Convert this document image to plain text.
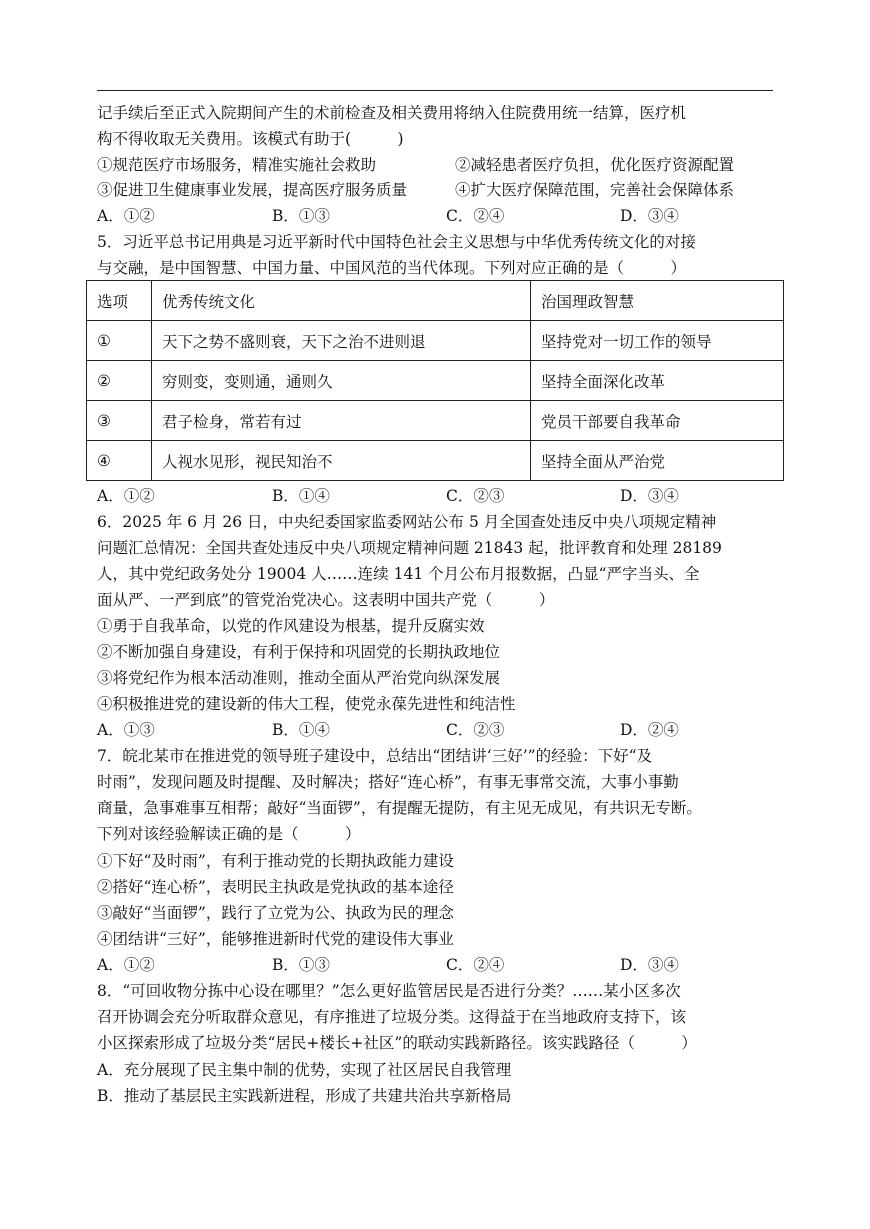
记手续后至正式入院期间产生的术前检查及相关费用将纳入住院费用统一结算，医疗机
构不得收取无关费用。该模式有助于(　　　)
①规范医疗市场服务，精准实施社会救助	②减轻患者医疗负担，优化医疗资源配置
③促进卫生健康事业发展，提高医疗服务质量	④扩大医疗保障范围，完善社会保障体系
A．①②	B．①③	C．②④	D．③④
5．习近平总书记用典是习近平新时代中国特色社会主义思想与中华优秀传统文化的对接
与交融，是中国智慧、中国力量、中国风范的当代体现。下列对应正确的是（　　　）
选项	优秀传统文化	治国理政智慧
①	天下之势不盛则衰，天下之治不进则退	坚持党对一切工作的领导
②	穷则变，变则通，通则久	坚持全面深化改革
③	君子检身，常若有过	党员干部要自我革命
④	人视水见形，视民知治不	坚持全面从严治党
A．①②	B．①④	C．②③	D．③④
6．2025 年 6 月 26 日，中央纪委国家监委网站公布 5 月全国查处违反中央八项规定精神
问题汇总情况：全国共查处违反中央八项规定精神问题 21843 起，批评教育和处理 28189
人，其中党纪政务处分 19004 人……连续 141 个月公布月报数据，凸显“严字当头、全
面从严、一严到底”的管党治党决心。这表明中国共产党（　　　）
①勇于自我革命，以党的作风建设为根基，提升反腐实效
②不断加强自身建设，有利于保持和巩固党的长期执政地位
③将党纪作为根本活动准则，推动全面从严治党向纵深发展
④积极推进党的建设新的伟大工程，使党永葆先进性和纯洁性
A．①③	B．①④	C．②③	D．②④
7．皖北某市在推进党的领导班子建设中，总结出“团结讲‘三好’”的经验：下好“及
时雨”，发现问题及时提醒、及时解决；搭好“连心桥”，有事无事常交流，大事小事勤
商量，急事难事互相帮；敲好“当面锣”，有提醒无提防，有主见无成见，有共识无专断。
下列对该经验解读正确的是（　　　）
①下好“及时雨”，有利于推动党的长期执政能力建设
②搭好“连心桥”，表明民主执政是党执政的基本途径
③敲好“当面锣”，践行了立党为公、执政为民的理念
④团结讲“三好”，能够推进新时代党的建设伟大事业
A．①②	B．①③	C．②④	D．③④
8．“可回收物分拣中心设在哪里？”怎么更好监管居民是否进行分类？……某小区多次
召开协调会充分听取群众意见，有序推进了垃圾分类。这得益于在当地政府支持下，该
小区探索形成了垃圾分类“居民+楼长+社区”的联动实践新路径。该实践路径（　　　）
A．充分展现了民主集中制的优势，实现了社区居民自我管理
B．推动了基层民主实践新进程，形成了共建共治共享新格局
